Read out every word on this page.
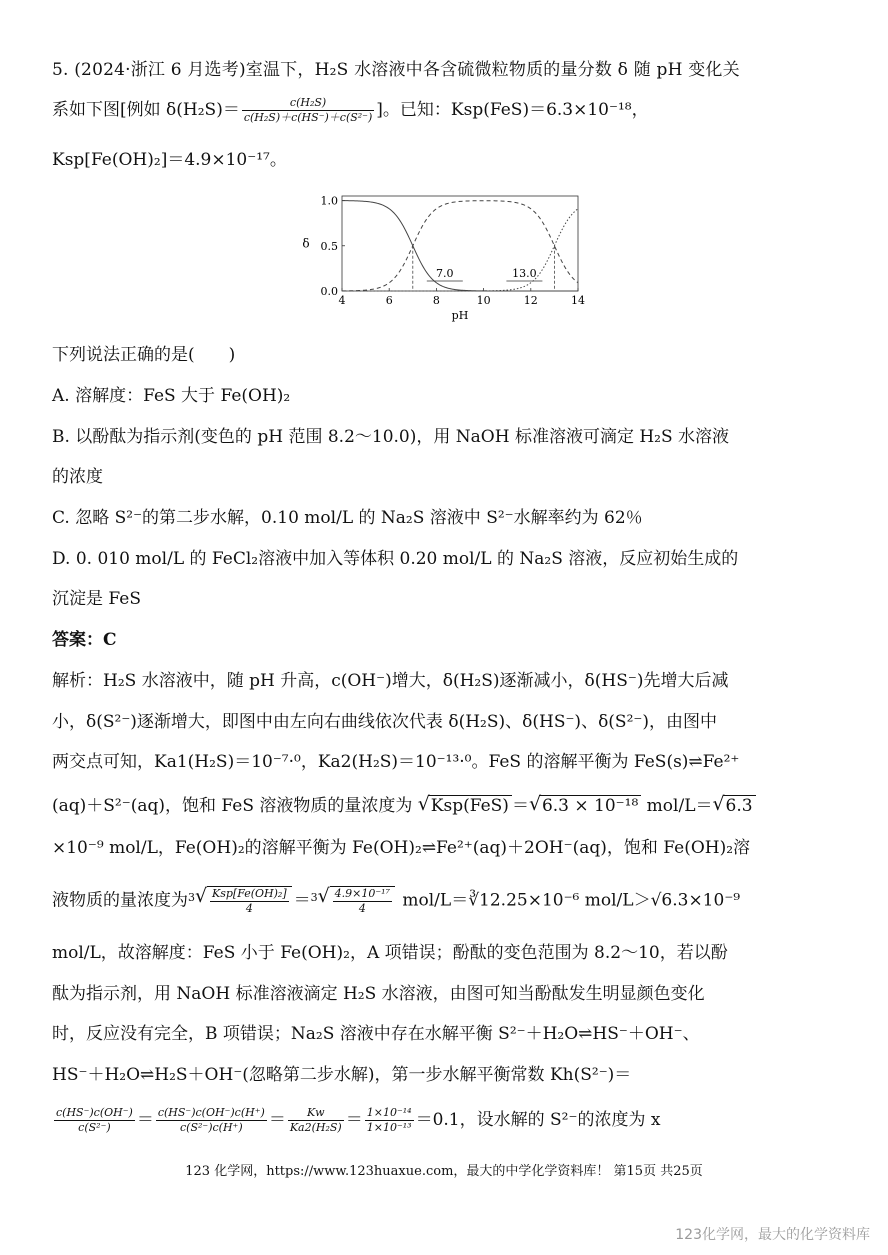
5. (2024·浙江 6 月选考)室温下，H₂S 水溶液中各含硫微粒物质的量分数 δ 随 pH 变化关
系如下图[例如 $\delta(H_2S)= \frac{\text{c(H₂S)}}{\text{c(H₂S)＋c(HS⁻)＋c(S²⁻)}}$ ]。已知：Ksp(FeS)＝6.3×10⁻¹⁸，
Ksp[Fe(OH)₂]＝4.9×10⁻¹⁷。
4	6	8	10	12	14
0.0
0.5
1.0
pH
δ
7.0	13.0
下列说法正确的是(　　)
A. 溶解度：FeS 大于 Fe(OH)₂
B. 以酚酞为指示剂(变色的 pH 范围 8.2～10.0)，用 NaOH 标准溶液可滴定 H₂S 水溶液
的浓度
C. 忽略 S²⁻的第二步水解，0.10 mol/L 的 Na₂S 溶液中 S²⁻水解率约为 62％
D. 0. 010 mol/L 的 FeCl₂溶液中加入等体积 0.20 mol/L 的 Na₂S 溶液，反应初始生成的
沉淀是 FeS
答案：C
解析：H₂S 水溶液中，随 pH 升高，c(OH⁻)增大，δ(H₂S)逐渐减小，δ(HS⁻)先增大后减
小，δ(S²⁻)逐渐增大，即图中由左向右曲线依次代表 δ(H₂S)、δ(HS⁻)、δ(S²⁻)，由图中
两交点可知，Ka1(H₂S)＝10⁻⁷·⁰，Ka2(H₂S)＝10⁻¹³·⁰。FeS 的溶解平衡为 FeS(s)⇌Fe²⁺
(aq)＋S²⁻(aq)，饱和 FeS 溶液物质的量浓度为 √ Ksp(FeS) ＝ √ 6.3 × 10⁻¹⁸ mol/L＝ √ 6.3
×10⁻⁹ mol/L，Fe(OH)₂的溶解平衡为 Fe(OH)₂⇌Fe²⁺(aq)＋2OH⁻(aq)，饱和 Fe(OH)₂溶
液物质的量浓度为$^3$ √ $\frac{\text{Ksp[Fe(OH)₂]}}{4} =^3$ √ $\frac{\text{4.9×10⁻¹⁷}}{4}$ mol/L＝∛12.25×10⁻⁶ mol/L＞√6.3×10⁻⁹
mol/L，故溶解度：FeS 小于 Fe(OH)₂，A 项错误；酚酞的变色范围为 8.2～10，若以酚
酞为指示剂，用 NaOH 标准溶液滴定 H₂S 水溶液，由图可知当酚酞发生明显颜色变化
时，反应没有完全，B 项错误；Na₂S 溶液中存在水解平衡 S²⁻＋H₂O⇌HS⁻＋OH⁻、
HS⁻＋H₂O⇌H₂S＋OH⁻(忽略第二步水解)，第一步水解平衡常数 Kh(S²⁻)＝
$\frac{c(HS^-)c(OH^-)}{\text{c(S²⁻)}} = \frac{c(HS^-)c(OH^-)c(H^+)}{\text{c(S²⁻)c(H⁺)}} = \frac{Kw}{\text{Ka2(H₂S)}} = \frac{\text{1×10⁻¹⁴}}{\text{1×10⁻¹³}} =0.1$，设水解的 S²⁻的浓度为 x
123 化学网，https://www.123huaxue.com，最大的中学化学资料库！ 第15页 共25页
123化学网，最大的化学资料库
